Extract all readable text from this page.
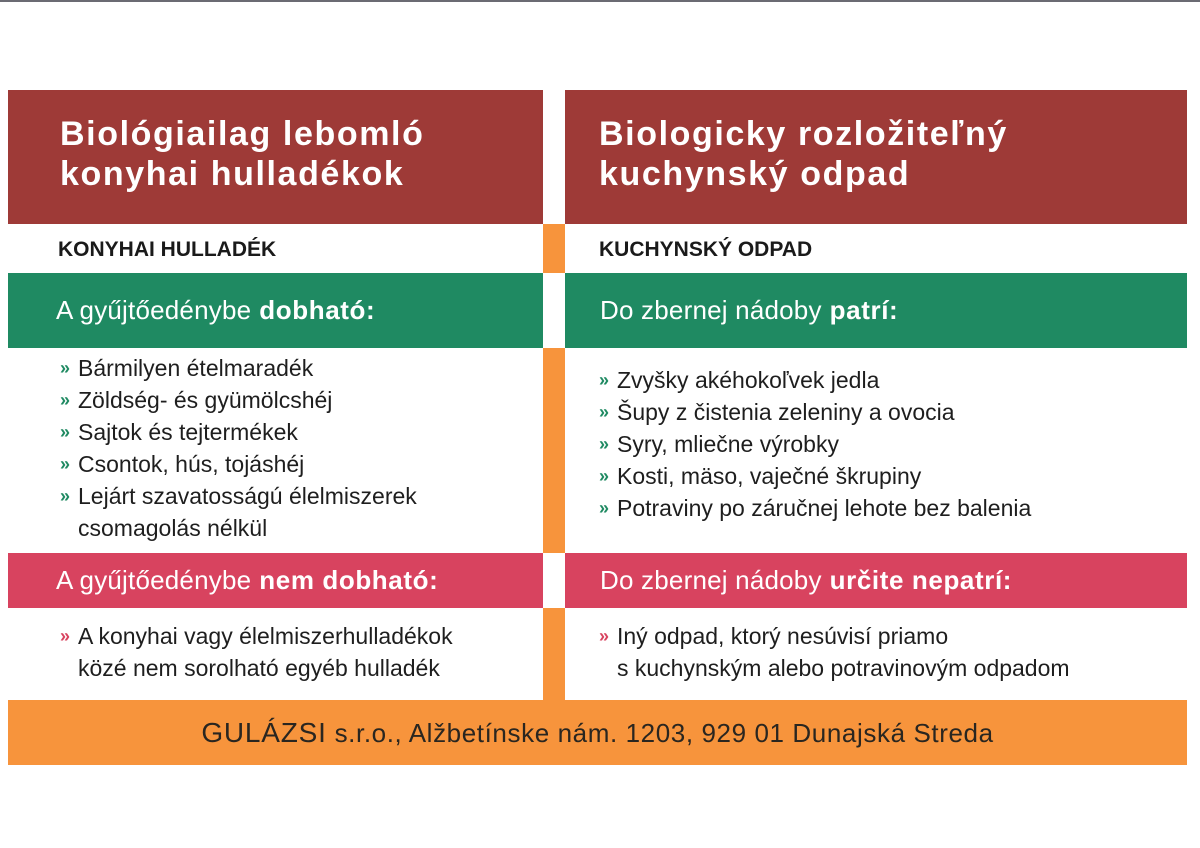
Biológiailag lebomló
konyhai hulladékok
KONYHAI HULLADÉK
A gyűjtőedénybe dobható:
» Bármilyen ételmaradék
» Zöldség- és gyümölcshéj
» Sajtok és tejtermékek
» Csontok, hús, tojáshéj
» Lejárt szavatosságú élelmiszerek
csomagolás nélkül
A gyűjtőedénybe nem dobható:
» A konyhai vagy élelmiszerhulladékok
közé nem sorolható egyéb hulladék
Biologicky rozložiteľný
kuchynský odpad
KUCHYNSKÝ ODPAD
Do zbernej nádoby patrí:
» Zvyšky akéhokoľvek jedla
» Šupy z čistenia zeleniny a ovocia
» Syry, mliečne výrobky
» Kosti, mäso, vaječné škrupiny
» Potraviny po záručnej lehote bez balenia
Do zbernej nádoby určite nepatrí:
» Iný odpad, ktorý nesúvisí priamo
s kuchynským alebo potravinovým odpadom
GULÁZSI s.r.o., Alžbetínske nám. 1203, 929 01 Dunajská Streda
